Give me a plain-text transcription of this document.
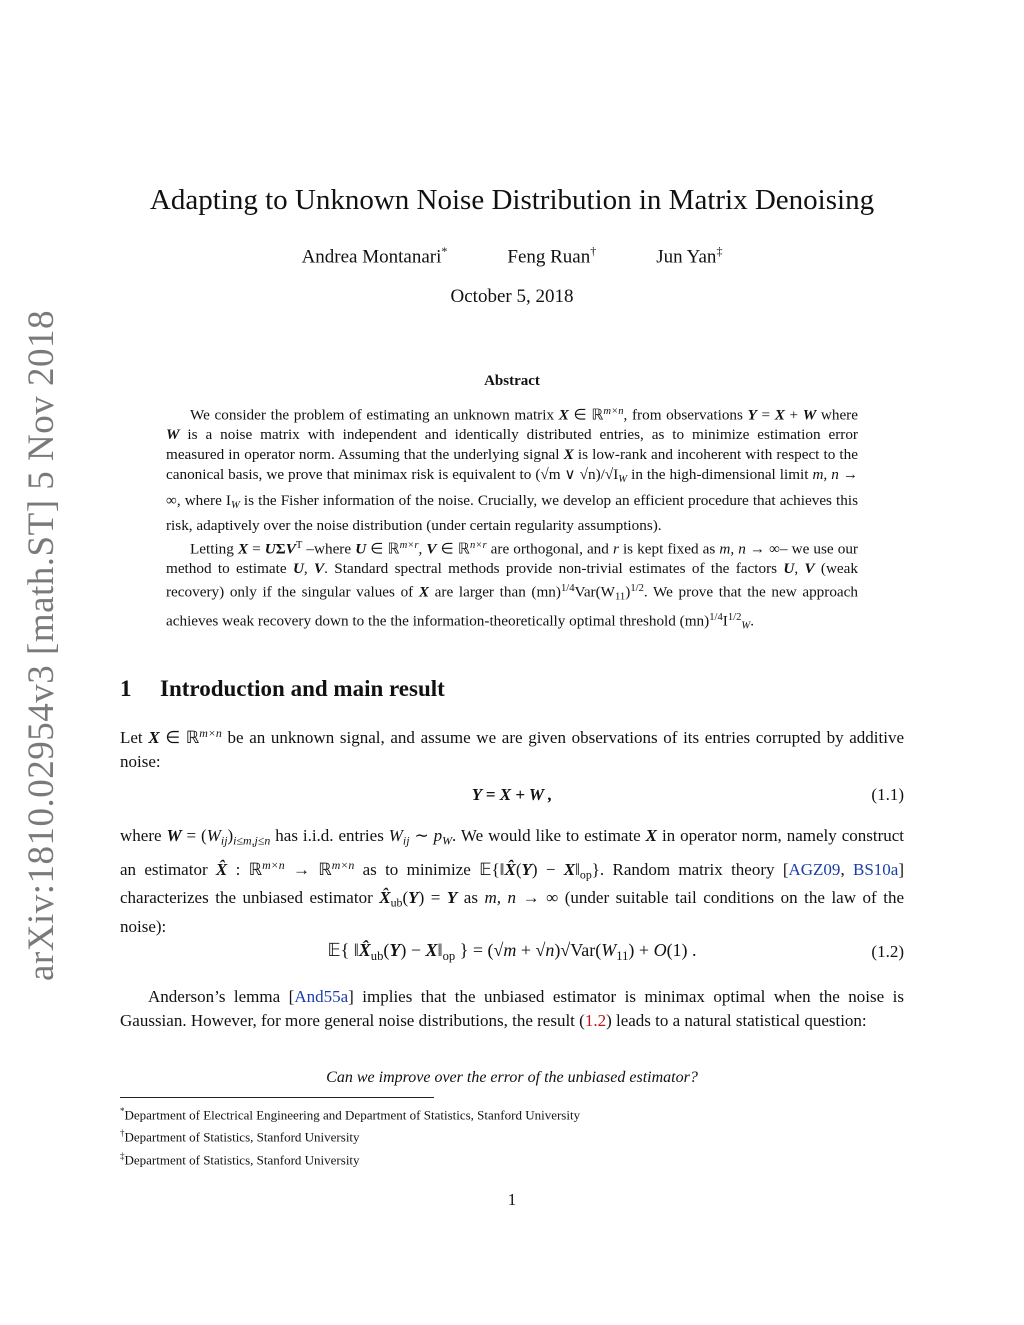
arXiv:1810.02954v3 [math.ST] 5 Nov 2018
Adapting to Unknown Noise Distribution in Matrix Denoising
Andrea Montanari*	Feng Ruan†	Jun Yan‡
October 5, 2018
Abstract

We consider the problem of estimating an unknown matrix X ∈ ℝ$^{m\times n}$, from observations Y = X + W where W is a noise matrix with independent and identically distributed entries, as to minimize estimation error measured in operator norm. Assuming that the underlying signal X is low-rank and incoherent with respect to the canonical basis, we prove that minimax risk is equivalent to (√m ∨ $√n)/√I_W$ in the high-dimensional limit m, n → ∞, where $I_W$ is the Fisher information of the noise. Crucially, we develop an efficient procedure that achieves this risk, adaptively over the noise distribution (under certain regularity assumptions).

Letting $X = U\Sigma V^T$ –where U ∈ ℝ$^{m\times r}$, V ∈ ℝ$^{n\times r}$ are orthogonal, and r is kept fixed as m, n → ∞– we use our method to estimate U, V. Standard spectral methods provide non-trivial estimates of the factors U, V (weak recovery) only if the singular values of X are larger than $(mn)^{1/4}Var(W_{11})^{1/2}$. We prove that the new approach achieves weak recovery down to the the information-theoretically optimal threshold $(mn)^{1/4}I^{1/2}_W$.

1 Introduction and main result

Let X ∈ ℝ$^{m\times n}$ be an unknown signal, and assume we are given observations of its entries corrupted by additive noise:

Y = X + W ,	(1.1)

where $W = (W_{ij})_{i\le m,j\le n}$ has i.i.d. entries $W_{ij}$ ∼ $p_W$. We would like to estimate X in operator norm, namely construct an estimator X̂ : ℝ$^{m\times n}$ → ℝ$^{m\times n}$ as to minimize 𝔼{‖X̂(Y) − $X‖_{op}$}. Random matrix theory [AGZ09, BS10a] characterizes the unbiased estimator $X̂_{ub}(Y) = Y$ as m, n → ∞ (under suitable tail conditions on the law of the noise):

𝔼{ $‖X̂_{ub}(Y)$ − $X‖_{op}$ } = $(√m + √n)√Var(W_{11}) + O(1)$ .	(1.2)

Anderson’s lemma [And55a] implies that the unbiased estimator is minimax optimal when the noise is Gaussian. However, for more general noise distributions, the result (1.2) leads to a natural statistical question:

Can we improve over the error of the unbiased estimator?
*Department of Electrical Engineering and Department of Statistics, Stanford University
†Department of Statistics, Stanford University
‡Department of Statistics, Stanford University
1
